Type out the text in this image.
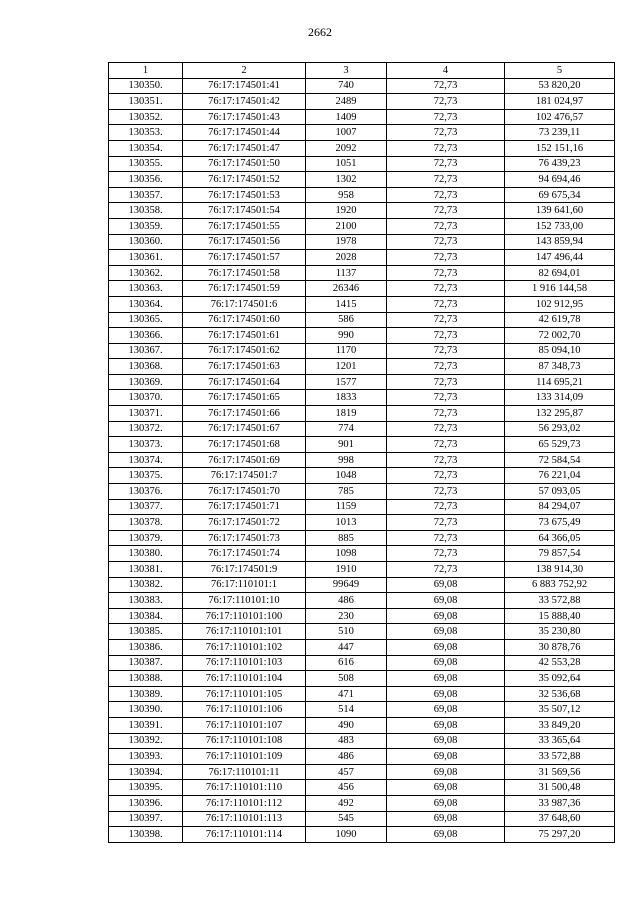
2662
1	2	3	4	5
130350.	76:17:174501:41	740	72,73	53 820,20
130351.	76:17:174501:42	2489	72,73	181 024,97
130352.	76:17:174501:43	1409	72,73	102 476,57
130353.	76:17:174501:44	1007	72,73	73 239,11
130354.	76:17:174501:47	2092	72,73	152 151,16
130355.	76:17:174501:50	1051	72,73	76 439,23
130356.	76:17:174501:52	1302	72,73	94 694,46
130357.	76:17:174501:53	958	72,73	69 675,34
130358.	76:17:174501:54	1920	72,73	139 641,60
130359.	76:17:174501:55	2100	72,73	152 733,00
130360.	76:17:174501:56	1978	72,73	143 859,94
130361.	76:17:174501:57	2028	72,73	147 496,44
130362.	76:17:174501:58	1137	72,73	82 694,01
130363.	76:17:174501:59	26346	72,73	1 916 144,58
130364.	76:17:174501:6	1415	72,73	102 912,95
130365.	76:17:174501:60	586	72,73	42 619,78
130366.	76:17:174501:61	990	72,73	72 002,70
130367.	76:17:174501:62	1170	72,73	85 094,10
130368.	76:17:174501:63	1201	72,73	87 348,73
130369.	76:17:174501:64	1577	72,73	114 695,21
130370.	76:17:174501:65	1833	72,73	133 314,09
130371.	76:17:174501:66	1819	72,73	132 295,87
130372.	76:17:174501:67	774	72,73	56 293,02
130373.	76:17:174501:68	901	72,73	65 529,73
130374.	76:17:174501:69	998	72,73	72 584,54
130375.	76:17:174501:7	1048	72,73	76 221,04
130376.	76:17:174501:70	785	72,73	57 093,05
130377.	76:17:174501:71	1159	72,73	84 294,07
130378.	76:17:174501:72	1013	72,73	73 675,49
130379.	76:17:174501:73	885	72,73	64 366,05
130380.	76:17:174501:74	1098	72,73	79 857,54
130381.	76:17:174501:9	1910	72,73	138 914,30
130382.	76:17:110101:1	99649	69,08	6 883 752,92
130383.	76:17:110101:10	486	69,08	33 572,88
130384.	76:17:110101:100	230	69,08	15 888,40
130385.	76:17:110101:101	510	69,08	35 230,80
130386.	76:17:110101:102	447	69,08	30 878,76
130387.	76:17:110101:103	616	69,08	42 553,28
130388.	76:17:110101:104	508	69,08	35 092,64
130389.	76:17:110101:105	471	69,08	32 536,68
130390.	76:17:110101:106	514	69,08	35 507,12
130391.	76:17:110101:107	490	69,08	33 849,20
130392.	76:17:110101:108	483	69,08	33 365,64
130393.	76:17:110101:109	486	69,08	33 572,88
130394.	76:17:110101:11	457	69,08	31 569,56
130395.	76:17:110101:110	456	69,08	31 500,48
130396.	76:17:110101:112	492	69,08	33 987,36
130397.	76:17:110101:113	545	69,08	37 648,60
130398.	76:17:110101:114	1090	69,08	75 297,20
